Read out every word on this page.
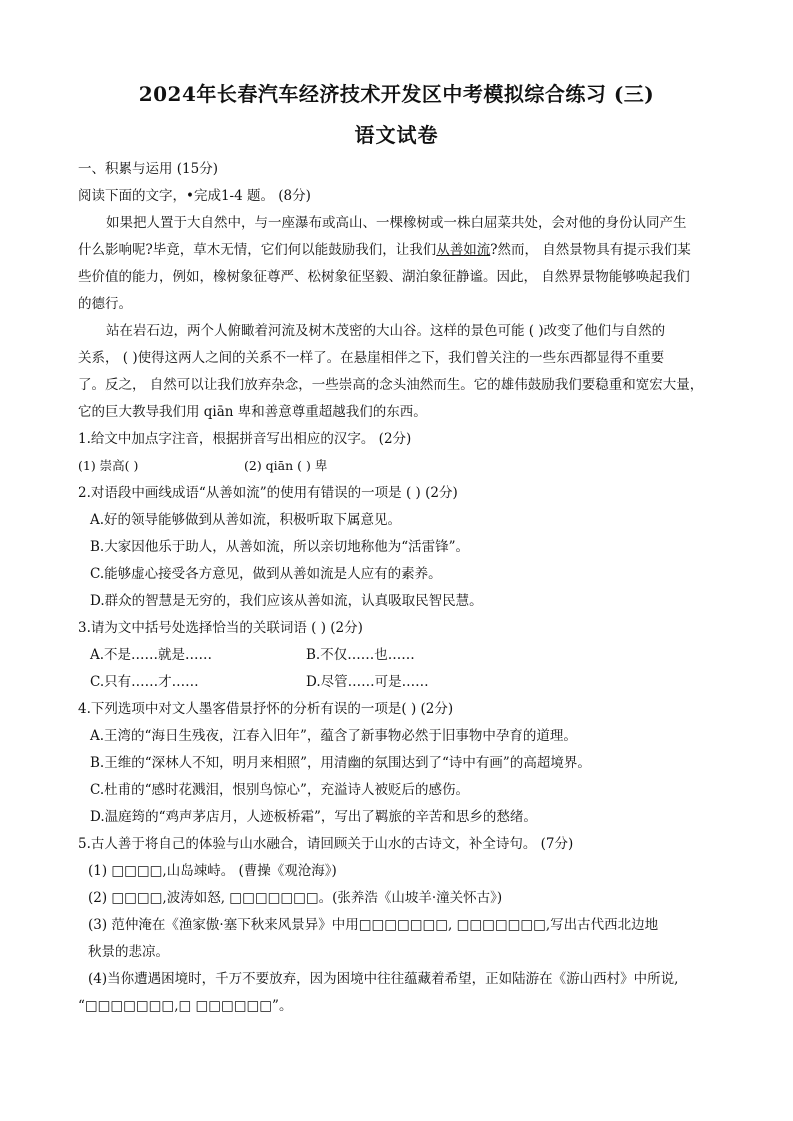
2024年长春汽车经济技术开发区中考模拟综合练习 (三)
语文试卷
一、积累与运用 (15分)
阅读下面的文字，•完成1-4 题。 (8分)
如果把人置于大自然中，与一座瀑布或高山、一棵橡树或一株白屈菜共处，会对他的身份认同产生
什么影响呢?毕竟，草木无情，它们何以能鼓励我们，让我们从善如流?然而， 自然景物具有提示我们某
些价值的能力，例如，橡树象征尊严、松树象征坚毅、湖泊象征静谧。因此， 自然界景物能够唤起我们
的德行。
站在岩石边，两个人俯瞰着河流及树木茂密的大山谷。这样的景色可能 ( )改变了他们与自然的
关系， ( )使得这两人之间的关系不一样了。在悬崖相伴之下，我们曾关注的一些东西都显得不重要
了。反之， 自然可以让我们放弃杂念，一些崇高的念头油然而生。它的雄伟鼓励我们要稳重和宽宏大量，
它的巨大教导我们用 qiān 卑和善意尊重超越我们的东西。
1.给文中加点字注音，根据拼音写出相应的汉字。 (2分)
(1) 崇高( )	(2) qiān ( ) 卑
2.对语段中画线成语“从善如流”的使用有错误的一项是 ( ) (2分)
A.好的领导能够做到从善如流，积极听取下属意见。
B.大家因他乐于助人，从善如流，所以亲切地称他为“活雷锋”。
C.能够虚心接受各方意见，做到从善如流是人应有的素养。
D.群众的智慧是无穷的，我们应该从善如流，认真吸取民智民慧。
3.请为文中括号处选择恰当的关联词语 ( ) (2分)
A.不是……就是……	B.不仅……也……
C.只有……才……	D.尽管……可是……
4.下列选项中对文人墨客借景抒怀的分析有误的一项是( ) (2分)
A.王湾的“海日生残夜，江春入旧年”，蕴含了新事物必然于旧事物中孕育的道理。
B.王维的“深林人不知，明月来相照”，用清幽的氛围达到了“诗中有画”的高超境界。
C.杜甫的“感时花溅泪，恨别鸟惊心”，充溢诗人被贬后的感伤。
D.温庭筠的“鸡声茅店月，人迹板桥霜”，写出了羁旅的辛苦和思乡的愁绪。
5.古人善于将自己的体验与山水融合，请回顾关于山水的古诗文，补全诗句。 (7分)
(1) □□□□,山岛竦峙。 (曹操《观沧海》)
(2) □□□□,波涛如怒, □□□□□□□。(张养浩《山坡羊·潼关怀古》)
(3) 范仲淹在《渔家傲·塞下秋来风景异》中用□□□□□□□, □□□□□□□,写出古代西北边地
秋景的悲凉。
(4)当你遭遇困境时，千万不要放弃，因为困境中往往蕴藏着希望，正如陆游在《游山西村》中所说,
“□□□□□□□,□ □□□□□□”。
